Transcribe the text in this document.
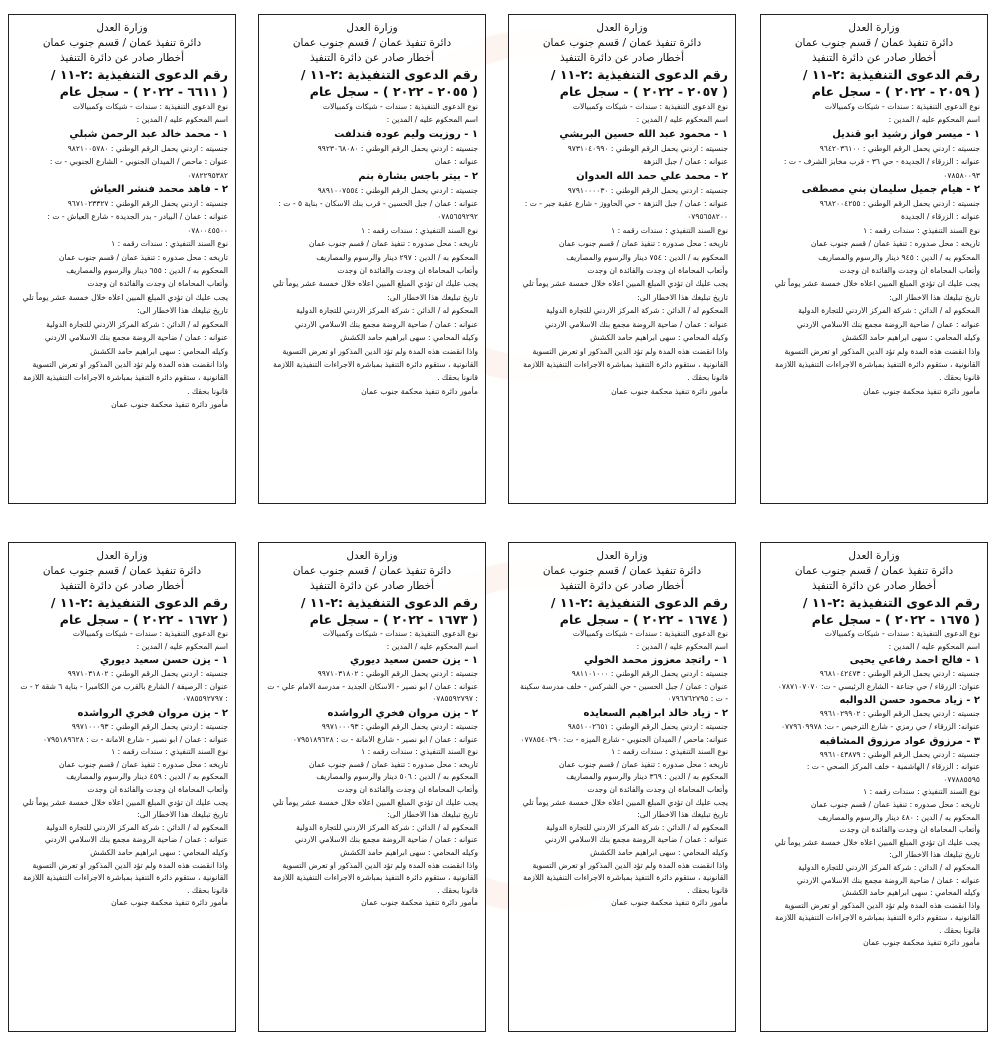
وزارة العدل
دائرة تنفيذ عمان / قسم جنوب عمان
أخطار صادر عن دائرة التنفيذ
رقم الدعوى التنفيذية :٢-١١ /
( ٢٠٥٩ - ٢٠٢٢ ) - سجل عام
نوع الدعوى التنفيذية : سندات - شيكات وكمبيالات
اسم المحكوم عليه / المدين :
١ - ميسر فواز رشيد ابو قنديل
جنسيته : اردني يحمل الرقم الوطني : ٩٦٤٢٠٣٦١٠٠
عنوانه : الزرقاء / الجديدة - حي ٣٦ - قرب مخابز الشرف - ت : ٠٧٨٥٨٠٠٩٣
٢ - هيام جميل سليمان بني مصطفى
جنسيته : اردني يحمل الرقم الوطني : ٩٦٨٢٠٠٤٢٥٥
عنوانه : الزرقاء / الجديدة
نوع السند التنفيذي : سندات رقمه : ١
تاريخه : محل صدوره : تنفيذ عمان / قسم جنوب عمان
المحكوم به / الدين : ٩٤٥ دينار والرسوم والمصاريف
وأتعاب المحاماة ان وجدت والفائدة ان وجدت
يجب عليك ان تؤدي المبلغ المبين اعلاه خلال خمسة عشر يوماً تلي تاريخ تبليغك هذا الاخطار الى:
المحكوم له / الدائن : شركة المركز الاردني للتجارة الدولية
عنوانه : عمان / ضاحية الروضة مجمع بنك الاسلامي الاردني
وكيله المحامي : سهى ابراهيم حامد الكشش
واذا انقضت هذه المدة ولم تؤد الدين المذكور او تعرض التسوية القانونية ، ستقوم دائرة التنفيذ بمباشرة الاجراءات التنفيذية اللازمة قانونا بحقك .
مأمور دائرة تنفيذ محكمة جنوب عمان
وزارة العدل
دائرة تنفيذ عمان / قسم جنوب عمان
أخطار صادر عن دائرة التنفيذ
رقم الدعوى التنفيذية :٢-١١ /
( ٢٠٥٧ - ٢٠٢٢ ) - سجل عام
نوع الدعوى التنفيذية : سندات - شيكات وكمبيالات
اسم المحكوم عليه / المدين :
١ - محمود عبد الله حسين البريشي
جنسيته : اردني يحمل الرقم الوطني : ٩٧٣١٠٤٠٩٩٠
عنوانه : عمان / جبل النزهة
٢ - محمد علي حمد الله العدوان
جنسيته : اردني يحمل الرقم الوطني : ٩٧٩١٠٠٠٠٣٠
عنوانه : عمان / جبل النزهة - حي الحاووز - شارع عقبة جبر - ت : ٠٧٩٥٦٥٨٢٠٠
نوع السند التنفيذي : سندات رقمه : ١
تاريخه : محل صدوره : تنفيذ عمان / قسم جنوب عمان
المحكوم به / الدين : ٧٥٤ دينار والرسوم والمصاريف
وأتعاب المحاماة ان وجدت والفائدة ان وجدت
يجب عليك ان تؤدي المبلغ المبين اعلاه خلال خمسة عشر يوماً تلي تاريخ تبليغك هذا الاخطار الى:
المحكوم له / الدائن : شركة المركز الاردني للتجارة الدولية
عنوانه : عمان / ضاحية الروضة مجمع بنك الاسلامي الاردني
وكيله المحامي : سهى ابراهيم حامد الكشش
واذا انقضت هذه المدة ولم تؤد الدين المذكور او تعرض التسوية القانونية ، ستقوم دائرة التنفيذ بمباشرة الاجراءات التنفيذية اللازمة قانونا بحقك .
مأمور دائرة تنفيذ محكمة جنوب عمان
وزارة العدل
دائرة تنفيذ عمان / قسم جنوب عمان
أخطار صادر عن دائرة التنفيذ
رقم الدعوى التنفيذية :٢-١١ /
( ٢٠٥٥ - ٢٠٢٢ ) - سجل عام
نوع الدعوى التنفيذية : سندات - شيكات وكمبيالات
اسم المحكوم عليه / المدين :
١ - روزيت وليم عوده قندلفت
جنسيته : اردني يحمل الرقم الوطني : ٩٩٢٣٠٦٨٠٨٠
عنوانه : عمان
٢ - بيتر باجس بشارة بنم
جنسيته : اردني يحمل الرقم الوطني : ٩٨٩١٠٠٧٥٥٤
عنوانه : عمان / جبل الحسين - قرب بنك الاسكان - بناية ٥ - ت : ٠٧٨٥٦٥٩٢٩٢
نوع السند التنفيذي : سندات رقمه : ١
تاريخه : محل صدوره : تنفيذ عمان / قسم جنوب عمان
المحكوم به / الدين : ٢٩٧ دينار والرسوم والمصاريف
وأتعاب المحاماة ان وجدت والفائدة ان وجدت
يجب عليك ان تؤدي المبلغ المبين اعلاه خلال خمسة عشر يوماً تلي تاريخ تبليغك هذا الاخطار الى:
المحكوم له / الدائن : شركة المركز الاردني للتجارة الدولية
عنوانه : عمان / ضاحية الروضة مجمع بنك الاسلامي الاردني
وكيله المحامي : سهى ابراهيم حامد الكشش
واذا انقضت هذه المدة ولم تؤد الدين المذكور او تعرض التسوية القانونية ، ستقوم دائرة التنفيذ بمباشرة الاجراءات التنفيذية اللازمة قانونا بحقك .
مأمور دائرة تنفيذ محكمة جنوب عمان
وزارة العدل
دائرة تنفيذ عمان / قسم جنوب عمان
أخطار صادر عن دائرة التنفيذ
رقم الدعوى التنفيذية :٢-١١ /
( ٦٦١١ - ٢٠٢٢ ) - سجل عام
نوع الدعوى التنفيذية : سندات - شيكات وكمبيالات
اسم المحكوم عليه / المدين :
١ - محمد خالد عبد الرحمن شبلي
جنسيته : اردني يحمل الرقم الوطني : ٩٨٢١٠٠٥٧٨٠
عنوان : ماحص / الميدان الجنوبي - الشارع الجنوبي - ت : ٠٧٨٢٢٩٥٣٨٢
٢ - فاهد محمد فنشر العياش
جنسيته : اردني يحمل الرقم الوطني : ٩٦٧١٠٢٣٣٢٧
عنوانه : عمان / البيادر - بدر الجديدة - شارع العياش - ت : ٠٧٨٠٠٤٥٥٠٠
نوع السند التنفيذي : سندات رقمه : ١
تاريخه : محل صدوره : تنفيذ عمان / قسم جنوب عمان
المحكوم به / الدين : ٦٥٥ دينار والرسوم والمصاريف
وأتعاب المحاماة ان وجدت والفائدة ان وجدت
يجب عليك ان تؤدي المبلغ المبين اعلاه خلال خمسة عشر يوماً تلي تاريخ تبليغك هذا الاخطار الى:
المحكوم له / الدائن : شركة المركز الاردني للتجارة الدولية
عنوانه : عمان / ضاحية الروضة مجمع بنك الاسلامي الاردني
وكيله المحامي : سهى ابراهيم حامد الكشش
واذا انقضت هذه المدة ولم تؤد الدين المذكور او تعرض التسوية القانونية ، ستقوم دائرة التنفيذ بمباشرة الاجراءات التنفيذية اللازمة قانونا بحقك .
مأمور دائرة تنفيذ محكمة جنوب عمان
وزارة العدل
دائرة تنفيذ عمان / قسم جنوب عمان
أخطار صادر عن دائرة التنفيذ
رقم الدعوى التنفيذية :٢-١١ /
( ١٦٧٥ - ٢٠٢٢ ) - سجل عام
نوع الدعوى التنفيذية : سندات - شيكات وكمبيالات
اسم المحكوم عليه / المدين :
١ - فالح احمد رفاعي يحيى
جنسيته : اردني يحمل الرقم الوطني : ٩٦٨١٠٤٢٤٧٣
عنوان: الزرقاء / حي جناعة - الشارع الرئيسي - ت: ٠٧٨٧١٠٧٠٧٠
٢ - زياد محمود حسن الدوالبه
جنسيته : اردني يحمل الرقم الوطني : ٩٩٦١٠٢٩٩٠٢
عنوانه: الزرقاء / حي رمزي - شارع الترخيص - ت: ٠٧٧٩٦٠٩٩٧٨
٣ - مرزوق عواد مرزوق المشاقبه
جنسيته : اردني يحمل الرقم الوطني : ٩٩٦١٠٤٣٨٧٩
عنوانه : الزرقاء / الهاشمية - خلف المركز الصحي - ت : ٠٧٧٨٨٥٥٩٥
نوع السند التنفيذي : سندات رقمه : ١
تاريخه : محل صدوره : تنفيذ عمان / قسم جنوب عمان
المحكوم به / الدين : ٤٨٠ دينار والرسوم والمصاريف
وأتعاب المحاماة ان وجدت والفائدة ان وجدت
يجب عليك ان تؤدي المبلغ المبين اعلاه خلال خمسة عشر يوماً تلي تاريخ تبليغك هذا الاخطار الى:
المحكوم له / الدائن : شركة المركز الاردني للتجارة الدولية
عنوانه : عمان / ضاحية الروضة مجمع بنك الاسلامي الاردني
وكيله المحامي : سهى ابراهيم حامد الكشش
واذا انقضت هذه المدة ولم تؤد الدين المذكور او تعرض التسوية القانونية ، ستقوم دائرة التنفيذ بمباشرة الاجراءات التنفيذية اللازمة قانونا بحقك .
مأمور دائرة تنفيذ محكمة جنوب عمان
وزارة العدل
دائرة تنفيذ عمان / قسم جنوب عمان
أخطار صادر عن دائرة التنفيذ
رقم الدعوى التنفيذية :٢-١١ /
( ١٦٧٤ - ٢٠٢٢ ) - سجل عام
نوع الدعوى التنفيذية : سندات - شيكات وكمبيالات
اسم المحكوم عليه / المدين :
١ - راتجد معزوز محمد الخولي
جنسيته : اردني يحمل الرقم الوطني : ٩٨١١٠١٠٠٠
عنوان : عمان / جبل الحسين - حي الشركس - خلف مدرسة سكينة - ت : ٠٧٩٦٧٦٢٧٩٥
٢ - زياد خالد ابراهيم السعايده
جنسيته : اردني يحمل الرقم الوطني : ٩٨٥١٠٠٢٦٥١
عنوانه: ماحص / الميدان الجنوبي - شارع الميزه - ت: ٠٧٧٨٥٤٠٢٩٠
نوع السند التنفيذي : سندات رقمه : ١
تاريخه : محل صدوره : تنفيذ عمان / قسم جنوب عمان
المحكوم به / الدين : ٣٦٩ دينار والرسوم والمصاريف
وأتعاب المحاماة ان وجدت والفائدة ان وجدت
يجب عليك ان تؤدي المبلغ المبين اعلاه خلال خمسة عشر يوماً تلي تاريخ تبليغك هذا الاخطار الى:
المحكوم له / الدائن : شركة المركز الاردني للتجارة الدولية
عنوانه : عمان / ضاحية الروضة مجمع بنك الاسلامي الاردني
وكيله المحامي : سهى ابراهيم حامد الكشش
واذا انقضت هذه المدة ولم تؤد الدين المذكور او تعرض التسوية القانونية ، ستقوم دائرة التنفيذ بمباشرة الاجراءات التنفيذية اللازمة قانونا بحقك .
مأمور دائرة تنفيذ محكمة جنوب عمان
وزارة العدل
دائرة تنفيذ عمان / قسم جنوب عمان
أخطار صادر عن دائرة التنفيذ
رقم الدعوى التنفيذية :٢-١١ /
( ١٦٧٣ - ٢٠٢٢ ) - سجل عام
نوع الدعوى التنفيذية : سندات - شيكات وكمبيالات
اسم المحكوم عليه / المدين :
١ - يزن حسن سعيد ديوري
جنسيته : اردني يحمل الرقم الوطني : ٩٩٧١٠٣١٨٠٢
عنوانه : عمان / ابو نصير - الاسكان الجديد - مدرسة الامام علي - ت : ٠٧٨٥٥٩٢٧٩٧
٢ - يزن مروان فخري الرواشده
جنسيته : اردني يحمل الرقم الوطني : ٩٩٧١٠٠٠٩٣
عنوانه : عمان / ابو نصير - شارع الامانة - ت : ٠٧٩٥١٨٩٦٢٨
نوع السند التنفيذي : سندات رقمه : ١
تاريخه : محل صدوره : تنفيذ عمان / قسم جنوب عمان
المحكوم به / الدين : ٥٠٦ دينار والرسوم والمصاريف
وأتعاب المحاماة ان وجدت والفائدة ان وجدت
يجب عليك ان تؤدي المبلغ المبين اعلاه خلال خمسة عشر يوماً تلي تاريخ تبليغك هذا الاخطار الى:
المحكوم له / الدائن : شركة المركز الاردني للتجارة الدولية
عنوانه : عمان / ضاحية الروضة مجمع بنك الاسلامي الاردني
وكيله المحامي : سهى ابراهيم حامد الكشش
واذا انقضت هذه المدة ولم تؤد الدين المذكور او تعرض التسوية القانونية ، ستقوم دائرة التنفيذ بمباشرة الاجراءات التنفيذية اللازمة قانونا بحقك .
مأمور دائرة تنفيذ محكمة جنوب عمان
وزارة العدل
دائرة تنفيذ عمان / قسم جنوب عمان
أخطار صادر عن دائرة التنفيذ
رقم الدعوى التنفيذية :٢-١١ /
( ١٦٧٢ - ٢٠٢٢ ) - سجل عام
نوع الدعوى التنفيذية : سندات - شيكات وكمبيالات
اسم المحكوم عليه / المدين :
١ - يزن حسن سعيد ديوري
جنسيته : اردني يحمل الرقم الوطني : ٩٩٧١٠٣١٨٠٢
عنوان : الرصيفة / الشارع بالقرب من الكامبرا - بناية ٦ شقة ٢ - ت : ٠٧٨٥٥٩٢٧٩٧
٢ - يزن مروان فخري الرواشده
جنسيته : اردني يحمل الرقم الوطني : ٩٩٧١٠٠٠٩٣
عنوانه : عمان / ابو نصير - شارع الامانة - ت : ٠٧٩٥١٨٩٦٢٨
نوع السند التنفيذي : سندات رقمه : ١
تاريخه : محل صدوره : تنفيذ عمان / قسم جنوب عمان
المحكوم به / الدين : ٤٥٩ دينار والرسوم والمصاريف
وأتعاب المحاماة ان وجدت والفائدة ان وجدت
يجب عليك ان تؤدي المبلغ المبين اعلاه خلال خمسة عشر يوماً تلي تاريخ تبليغك هذا الاخطار الى:
المحكوم له / الدائن : شركة المركز الاردني للتجارة الدولية
عنوانه : عمان / ضاحية الروضة مجمع بنك الاسلامي الاردني
وكيله المحامي : سهى ابراهيم حامد الكشش
واذا انقضت هذه المدة ولم تؤد الدين المذكور او تعرض التسوية القانونية ، ستقوم دائرة التنفيذ بمباشرة الاجراءات التنفيذية اللازمة قانونا بحقك .
مأمور دائرة تنفيذ محكمة جنوب عمان
